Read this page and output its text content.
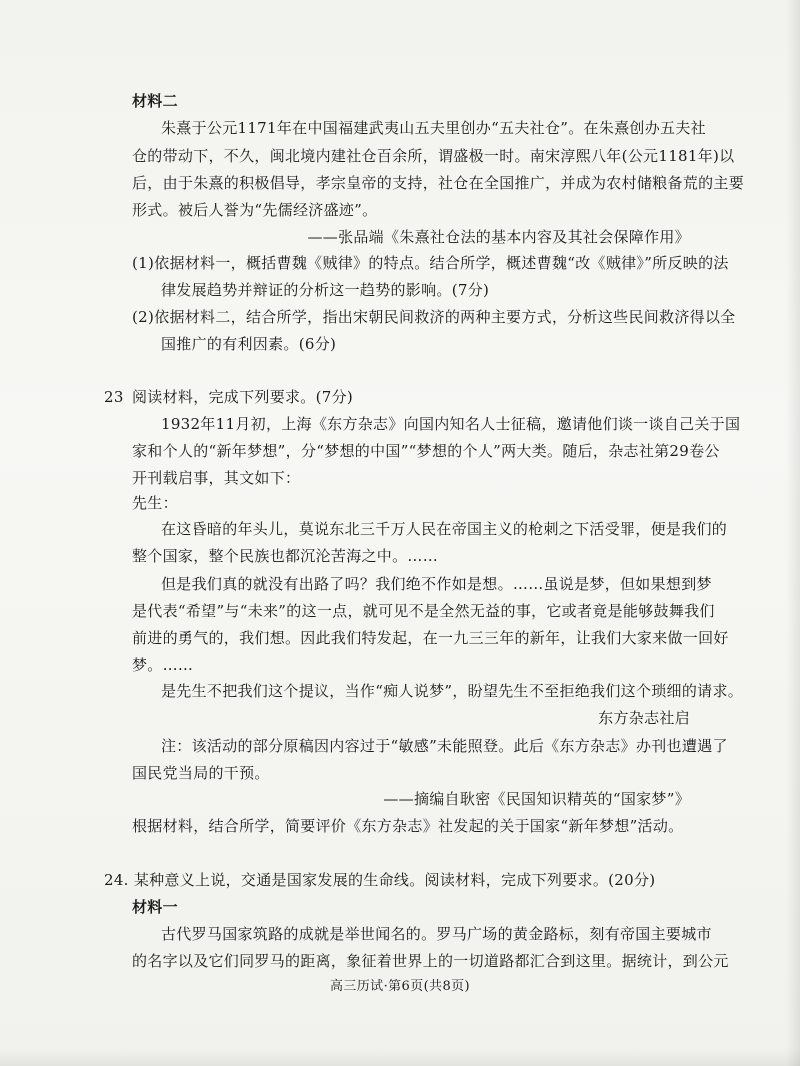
材料二
朱熹于公元1171年在中国福建武夷山五夫里创办“五夫社仓”。在朱熹创办五夫社
仓的带动下，不久，闽北境内建社仓百余所，谓盛极一时。南宋淳熙八年(公元1181年)以
后，由于朱熹的积极倡导，孝宗皇帝的支持，社仓在全国推广，并成为农村储粮备荒的主要
形式。被后人誉为“先儒经济盛迹”。
——张品端《朱熹社仓法的基本内容及其社会保障作用》
(1)依据材料一，概括曹魏《贼律》的特点。结合所学，概述曹魏“改《贼律》”所反映的法
律发展趋势并辩证的分析这一趋势的影响。(7分)
(2)依据材料二，结合所学，指出宋朝民间救济的两种主要方式，分析这些民间救济得以全
国推广的有利因素。(6分)
23 阅读材料，完成下列要求。(7分)
1932年11月初，上海《东方杂志》向国内知名人士征稿，邀请他们谈一谈自己关于国
家和个人的“新年梦想”，分“梦想的中国”“梦想的个人”两大类。随后，杂志社第29卷公
开刊载启事，其文如下：
先生：
在这昏暗的年头儿，莫说东北三千万人民在帝国主义的枪刺之下活受罪，便是我们的
整个国家，整个民族也都沉沦苦海之中。……
但是我们真的就没有出路了吗？我们绝不作如是想。……虽说是梦，但如果想到梦
是代表“希望”与“未来”的这一点，就可见不是全然无益的事，它或者竟是能够鼓舞我们
前进的勇气的，我们想。因此我们特发起，在一九三三年的新年，让我们大家来做一回好
梦。……
是先生不把我们这个提议，当作“痴人说梦”，盼望先生不至拒绝我们这个琐细的请求。
东方杂志社启
注：该活动的部分原稿因内容过于“敏感”未能照登。此后《东方杂志》办刊也遭遇了
国民党当局的干预。
——摘编自耿密《民国知识精英的“国家梦”》
根据材料，结合所学，简要评价《东方杂志》社发起的关于国家“新年梦想”活动。
24. 某种意义上说，交通是国家发展的生命线。阅读材料，完成下列要求。(20分)
材料一
古代罗马国家筑路的成就是举世闻名的。罗马广场的黄金路标，刻有帝国主要城市
的名字以及它们同罗马的距离，象征着世界上的一切道路都汇合到这里。据统计，到公元
高三历试·第6页(共8页)
